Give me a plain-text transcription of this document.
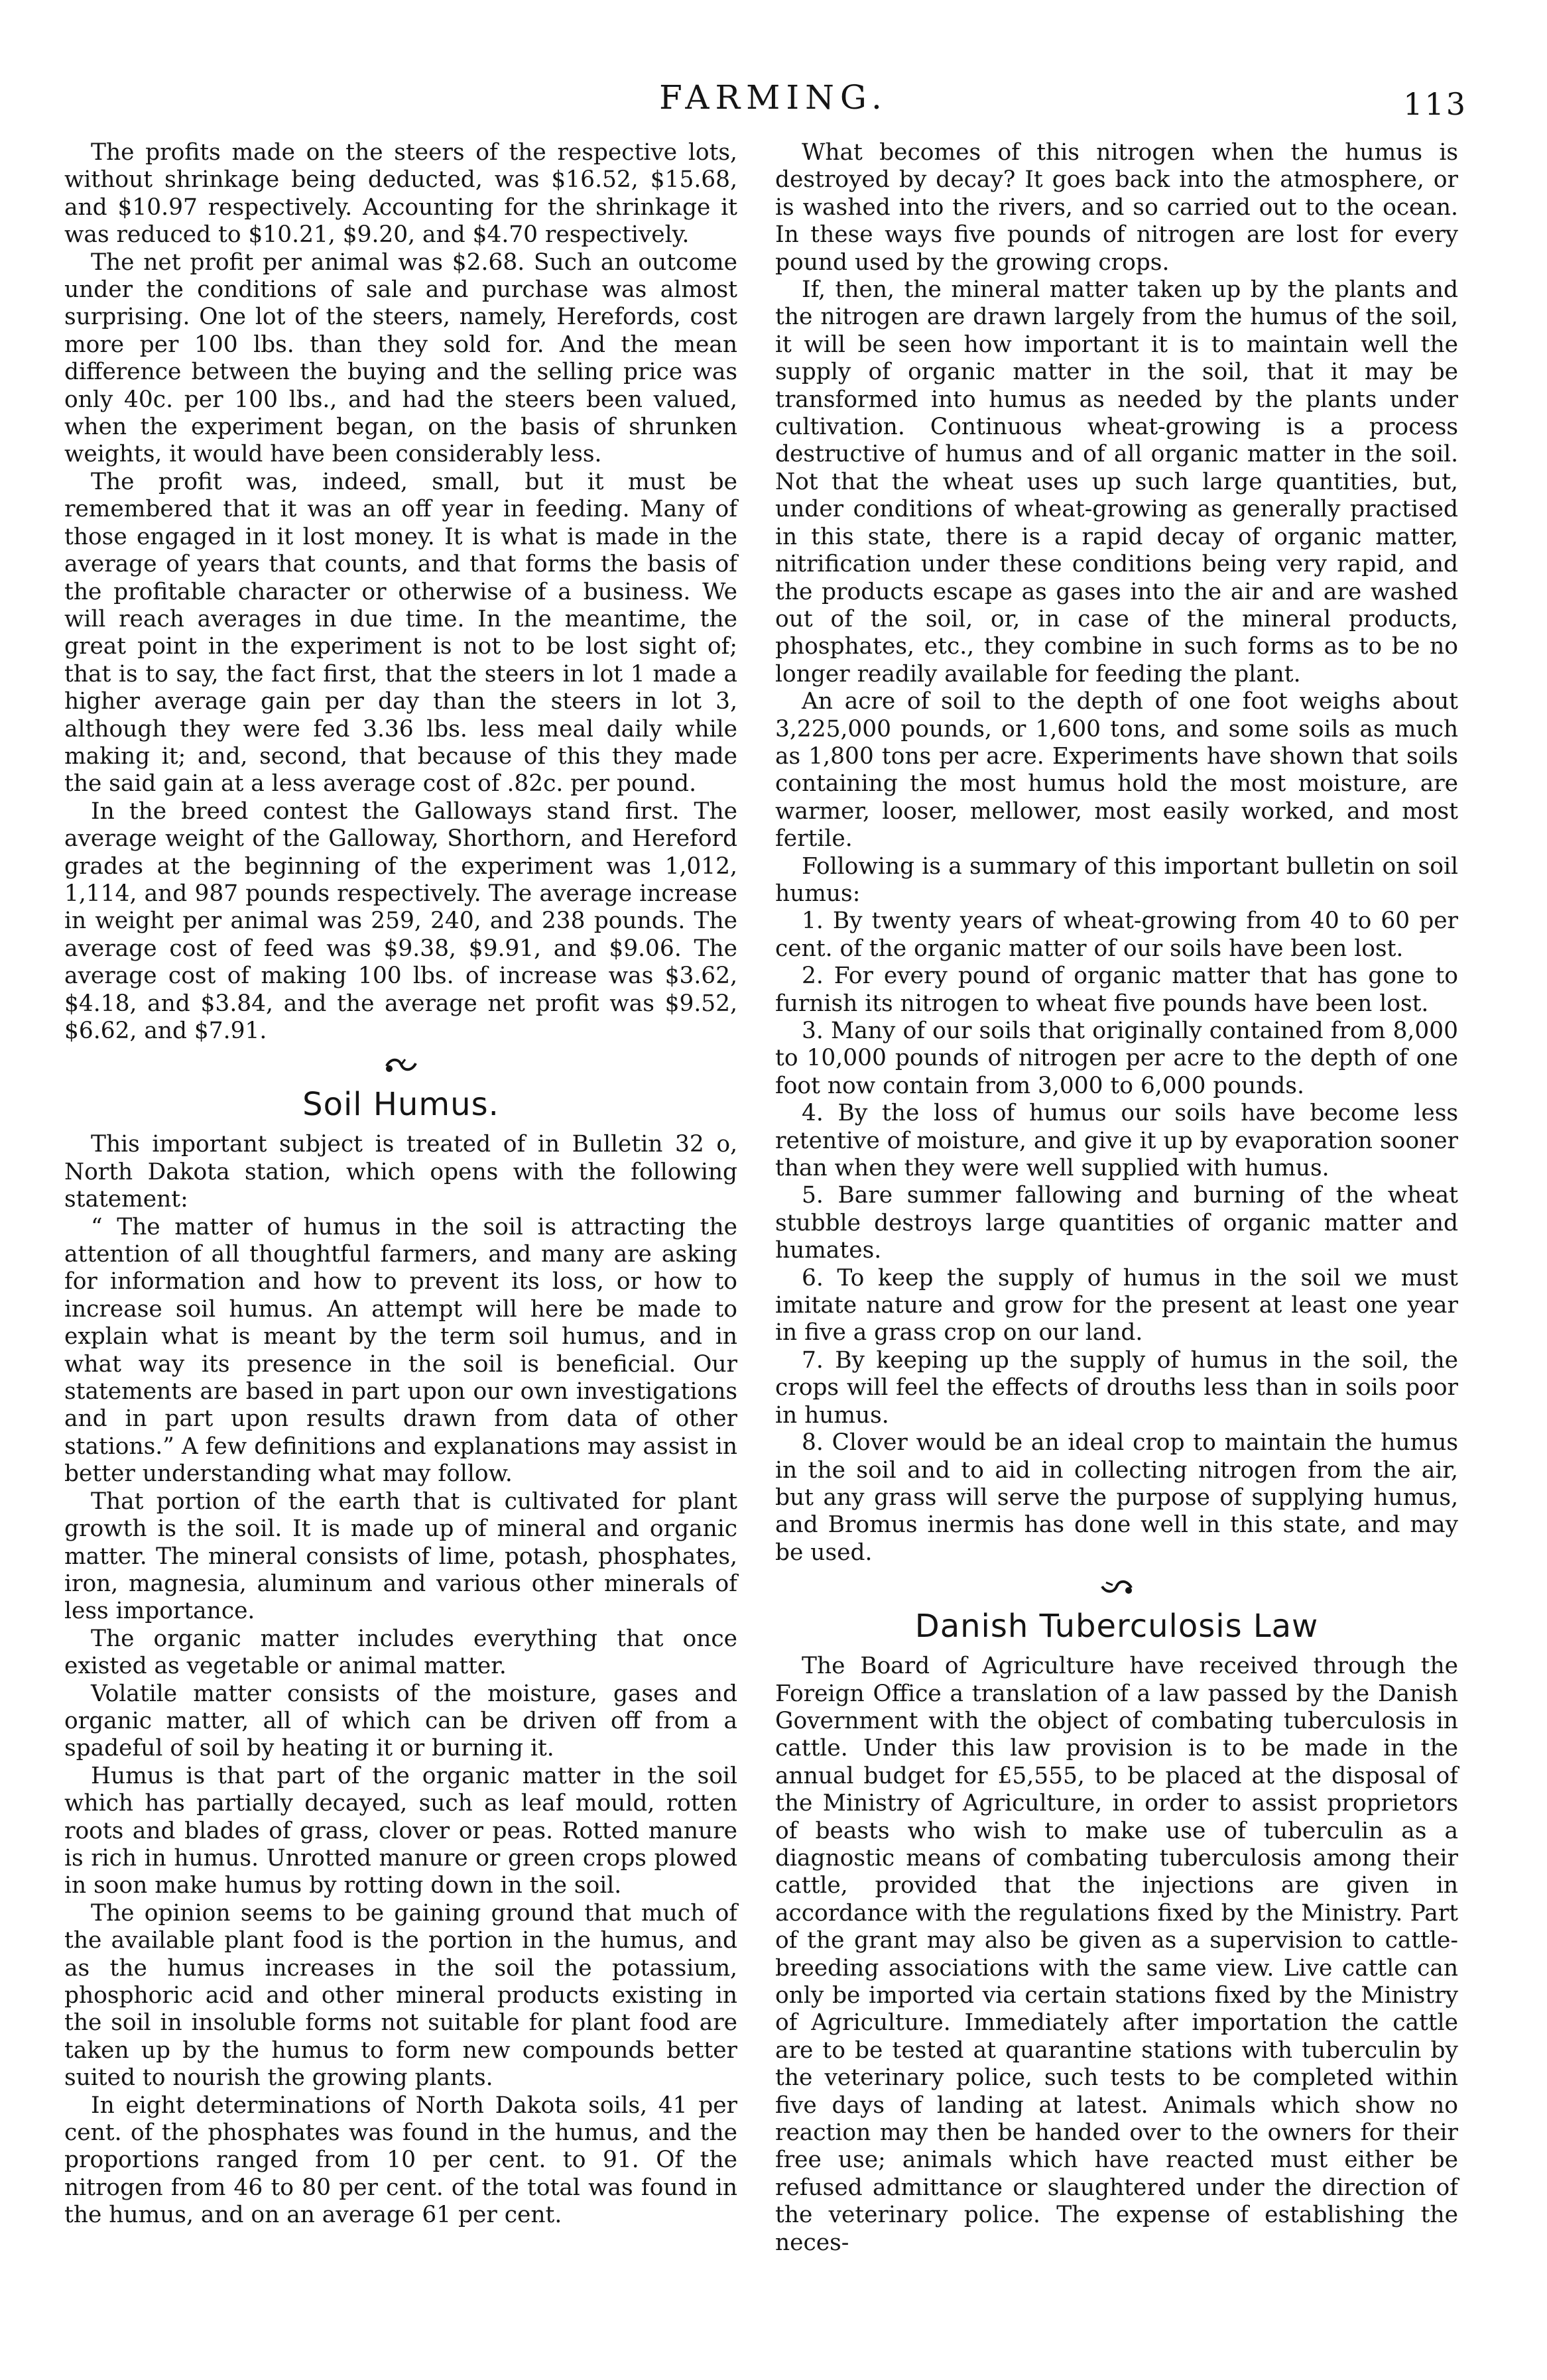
FARMING.	113

The profits made on the steers of the respective lots, without shrinkage being deducted, was $16.52, $15.68, and $10.97 respectively. Accounting for the shrinkage it was reduced to $10.21, $9.20, and $4.70 respectively.

The net profit per animal was $2.68. Such an outcome under the conditions of sale and purchase was almost surprising. One lot of the steers, namely, Herefords, cost more per 100 lbs. than they sold for. And the mean difference between the buying and the selling price was only 40c. per 100 lbs., and had the steers been valued, when the experiment began, on the basis of shrunken weights, it would have been considerably less.

The profit was, indeed, small, but it must be remembered that it was an off year in feeding. Many of those engaged in it lost money. It is what is made in the average of years that counts, and that forms the basis of the profitable character or otherwise of a business. We will reach averages in due time. In the meantime, the great point in the experiment is not to be lost sight of; that is to say, the fact first, that the steers in lot 1 made a higher average gain per day than the steers in lot 3, although they were fed 3.36 lbs. less meal daily while making it; and, second, that because of this they made the said gain at a less average cost of .82c. per pound.

In the breed contest the Galloways stand first. The average weight of the Galloway, Shorthorn, and Hereford grades at the beginning of the experiment was 1,012, 1,114, and 987 pounds respectively. The average increase in weight per animal was 259, 240, and 238 pounds. The average cost of feed was $9.38, $9.91, and $9.06. The average cost of making 100 lbs. of increase was $3.62, $4.18, and $3.84, and the average net profit was $9.52, $6.62, and $7.91.

Soil Humus.

This important subject is treated of in Bulletin 32 o, North Dakota station, which opens with the following statement:

“ The matter of humus in the soil is attracting the attention of all thoughtful farmers, and many are asking for information and how to prevent its loss, or how to increase soil humus. An attempt will here be made to explain what is meant by the term soil humus, and in what way its presence in the soil is beneficial. Our statements are based in part upon our own investigations and in part upon results drawn from data of other stations.” A few definitions and explanations may assist in better understanding what may follow.

That portion of the earth that is cultivated for plant growth is the soil. It is made up of mineral and organic matter. The mineral consists of lime, potash, phosphates, iron, magnesia, aluminum and various other minerals of less importance.

The organic matter includes everything that once existed as vegetable or animal matter.

Volatile matter consists of the moisture, gases and organic matter, all of which can be driven off from a spadeful of soil by heating it or burning it.

Humus is that part of the organic matter in the soil which has partially decayed, such as leaf mould, rotten roots and blades of grass, clover or peas. Rotted manure is rich in humus. Unrotted manure or green crops plowed in soon make humus by rotting down in the soil.

The opinion seems to be gaining ground that much of the available plant food is the portion in the humus, and as the humus increases in the soil the potassium, phosphoric acid and other mineral products existing in the soil in insoluble forms not suitable for plant food are taken up by the humus to form new compounds better suited to nourish the growing plants.

In eight determinations of North Dakota soils, 41 per cent. of the phosphates was found in the humus, and the proportions ranged from 10 per cent. to 91. Of the nitrogen from 46 to 80 per cent. of the total was found in the humus, and on an average 61 per cent.

What becomes of this nitrogen when the humus is destroyed by decay? It goes back into the atmosphere, or is washed into the rivers, and so carried out to the ocean. In these ways five pounds of nitrogen are lost for every pound used by the growing crops.

If, then, the mineral matter taken up by the plants and the nitrogen are drawn largely from the humus of the soil, it will be seen how important it is to maintain well the supply of organic matter in the soil, that it may be transformed into humus as needed by the plants under cultivation. Continuous wheat-growing is a process destructive of humus and of all organic matter in the soil. Not that the wheat uses up such large quantities, but, under conditions of wheat-growing as generally practised in this state, there is a rapid decay of organic matter, nitrification under these conditions being very rapid, and the products escape as gases into the air and are washed out of the soil, or, in case of the mineral products, phosphates, etc., they combine in such forms as to be no longer readily available for feeding the plant.

An acre of soil to the depth of one foot weighs about 3,225,000 pounds, or 1,600 tons, and some soils as much as 1,800 tons per acre. Experiments have shown that soils containing the most humus hold the most moisture, are warmer, looser, mellower, most easily worked, and most fertile.

Following is a summary of this important bulletin on soil humus:

1. By twenty years of wheat-growing from 40 to 60 per cent. of the organic matter of our soils have been lost.

2. For every pound of organic matter that has gone to furnish its nitrogen to wheat five pounds have been lost.

3. Many of our soils that originally contained from 8,000 to 10,000 pounds of nitrogen per acre to the depth of one foot now contain from 3,000 to 6,000 pounds.

4. By the loss of humus our soils have become less retentive of moisture, and give it up by evaporation sooner than when they were well supplied with humus.

5. Bare summer fallowing and burning of the wheat stubble destroys large quantities of organic matter and humates.

6. To keep the supply of humus in the soil we must imitate nature and grow for the present at least one year in five a grass crop on our land.

7. By keeping up the supply of humus in the soil, the crops will feel the effects of drouths less than in soils poor in humus.

8. Clover would be an ideal crop to maintain the humus in the soil and to aid in collecting nitrogen from the air, but any grass will serve the purpose of supplying humus, and Bromus inermis has done well in this state, and may be used.

Danish Tuberculosis Law

The Board of Agriculture have received through the Foreign Office a translation of a law passed by the Danish Government with the object of combating tuberculosis in cattle. Under this law provision is to be made in the annual budget for £5,555, to be placed at the disposal of the Ministry of Agriculture, in order to assist proprietors of beasts who wish to make use of tuberculin as a diagnostic means of combating tuberculosis among their cattle, provided that the injections are given in accordance with the regulations fixed by the Ministry. Part of the grant may also be given as a supervision to cattle-breeding associations with the same view. Live cattle can only be imported via certain stations fixed by the Ministry of Agriculture. Immediately after importation the cattle are to be tested at quarantine stations with tuberculin by the veterinary police, such tests to be completed within five days of landing at latest. Animals which show no reaction may then be handed over to the owners for their free use; animals which have reacted must either be refused admittance or slaughtered under the direction of the veterinary police. The expense of establishing the neces-
